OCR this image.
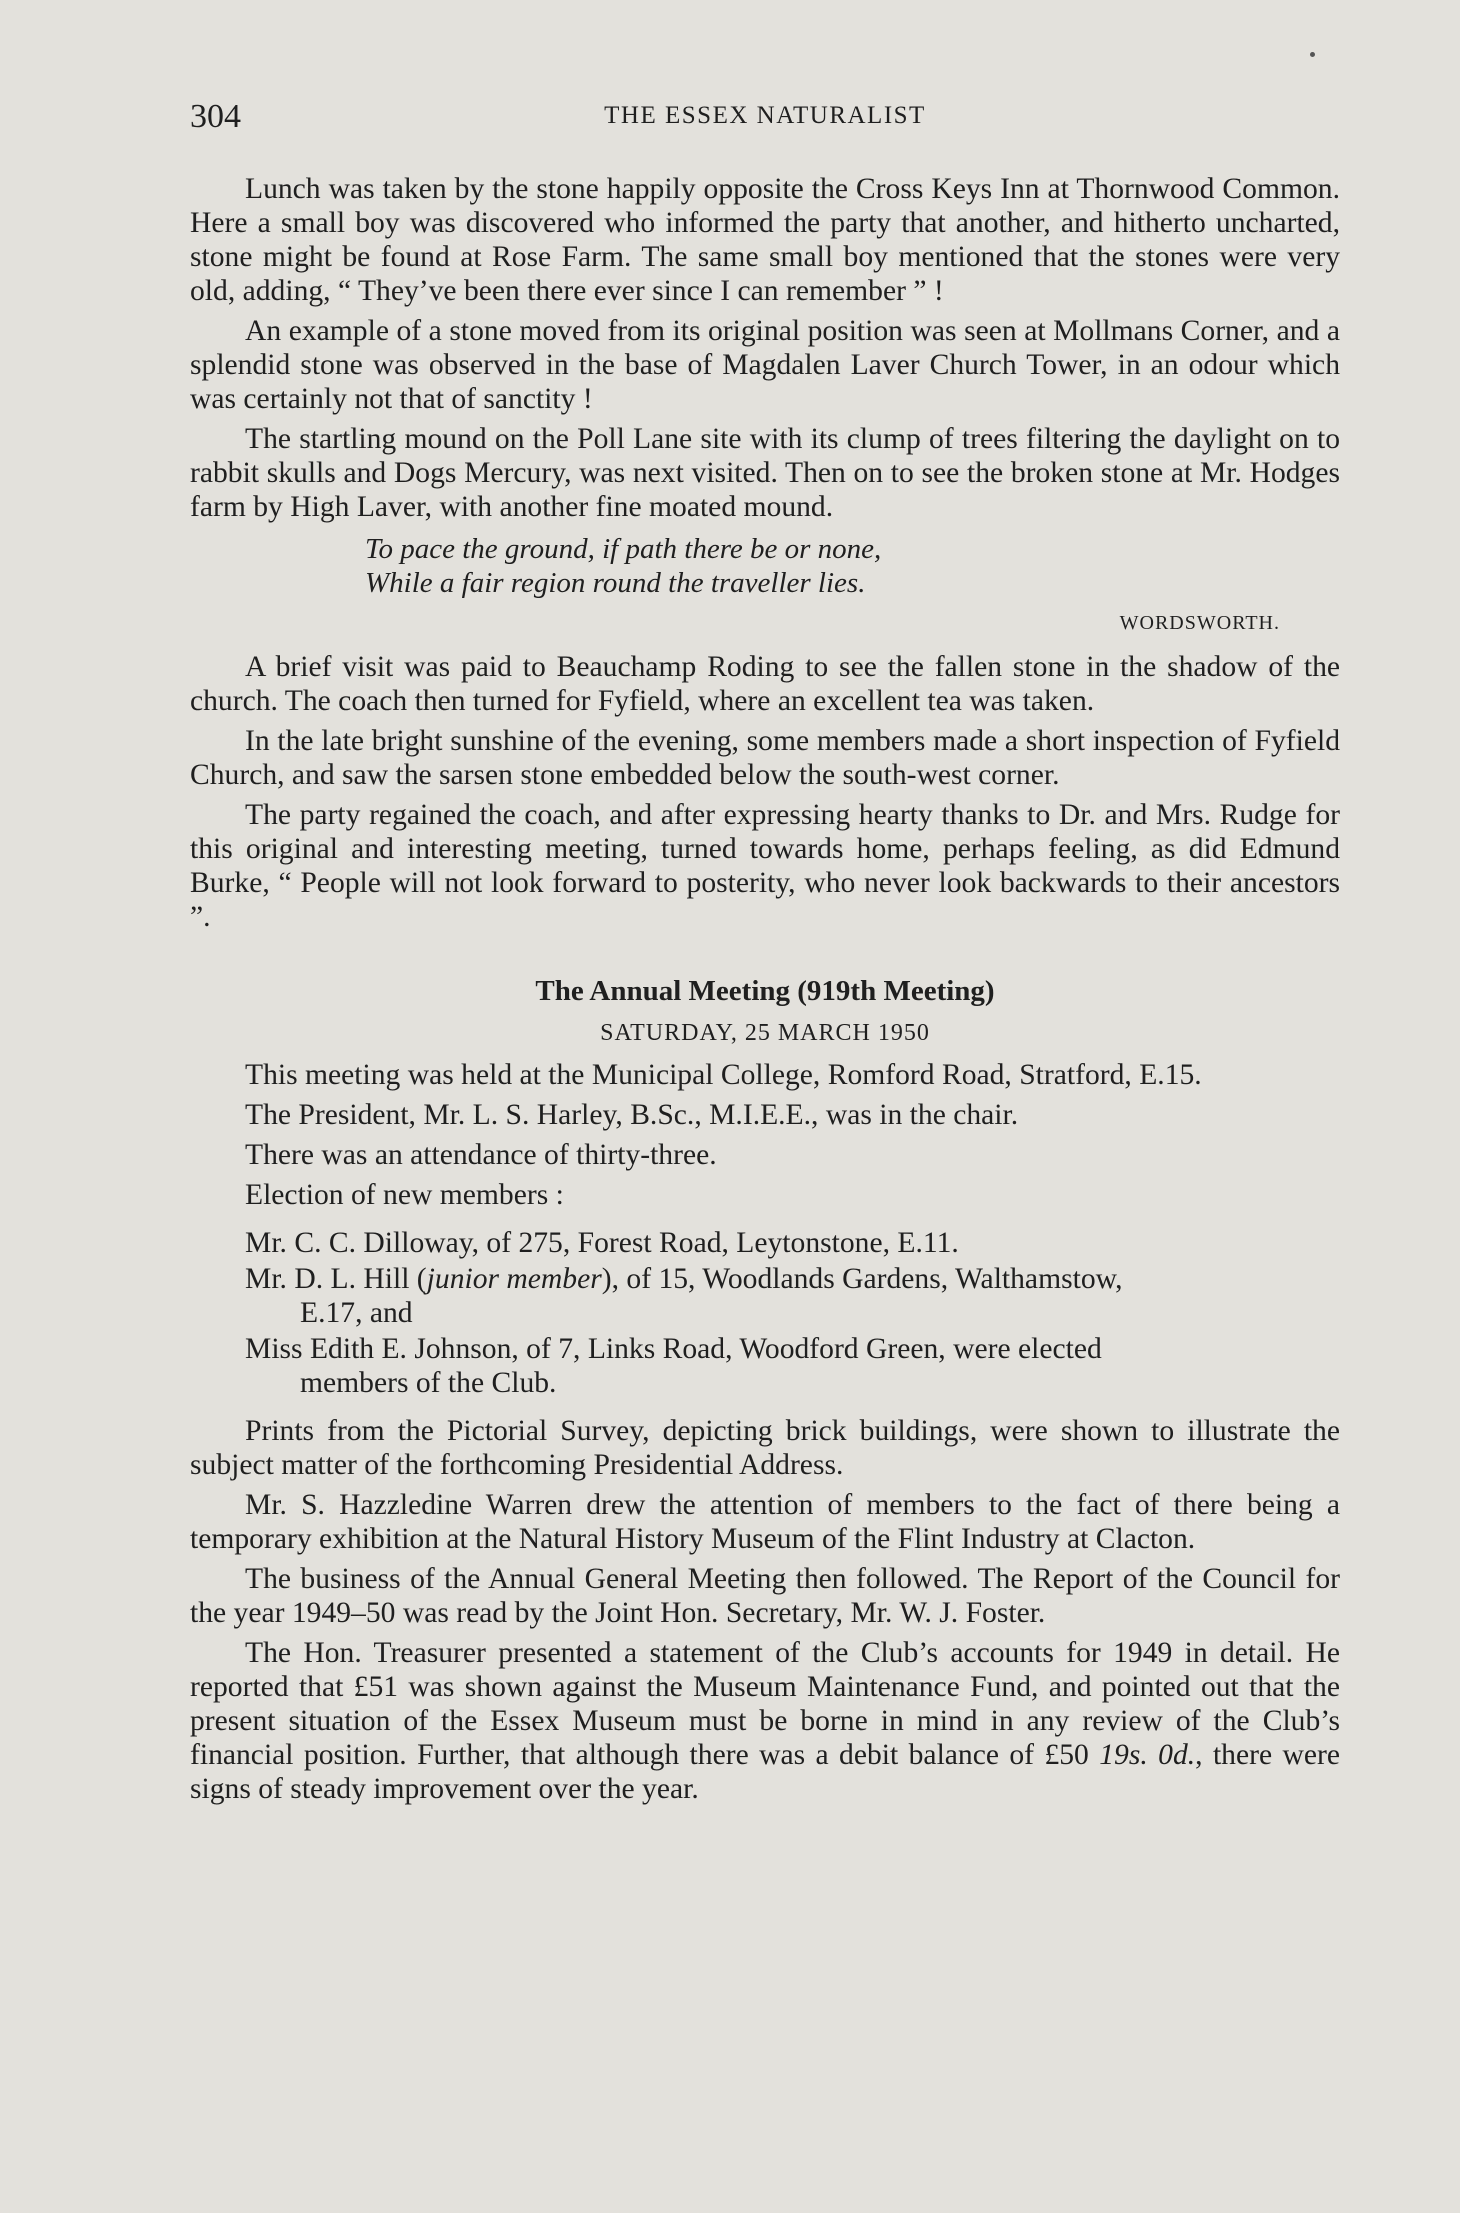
304	THE ESSEX NATURALIST

Lunch was taken by the stone happily opposite the Cross Keys Inn at Thornwood Common. Here a small boy was discovered who informed the party that another, and hitherto uncharted, stone might be found at Rose Farm. The same small boy mentioned that the stones were very old, adding, “ They’ve been there ever since I can remember ” !

An example of a stone moved from its original position was seen at Mollmans Corner, and a splendid stone was observed in the base of Magdalen Laver Church Tower, in an odour which was certainly not that of sanctity !

The startling mound on the Poll Lane site with its clump of trees filtering the daylight on to rabbit skulls and Dogs Mercury, was next visited. Then on to see the broken stone at Mr. Hodges farm by High Laver, with another fine moated mound.

To pace the ground, if path there be or none,
While a fair region round the traveller lies.
WORDSWORTH.

A brief visit was paid to Beauchamp Roding to see the fallen stone in the shadow of the church. The coach then turned for Fyfield, where an excellent tea was taken.

In the late bright sunshine of the evening, some members made a short inspection of Fyfield Church, and saw the sarsen stone embedded below the south-west corner.

The party regained the coach, and after expressing hearty thanks to Dr. and Mrs. Rudge for this original and interesting meeting, turned towards home, perhaps feeling, as did Edmund Burke, “ People will not look forward to posterity, who never look backwards to their ancestors ”.

The Annual Meeting (919th Meeting)
SATURDAY, 25 MARCH 1950

This meeting was held at the Municipal College, Romford Road, Stratford, E.15.

The President, Mr. L. S. Harley, B.Sc., M.I.E.E., was in the chair.

There was an attendance of thirty-three.

Election of new members :

Mr. C. C. Dilloway, of 275, Forest Road, Leytonstone, E.11.
Mr. D. L. Hill (junior member), of 15, Woodlands Gardens, Walthamstow,
E.17, and
Miss Edith E. Johnson, of 7, Links Road, Woodford Green, were elected
members of the Club.

Prints from the Pictorial Survey, depicting brick buildings, were shown to illustrate the subject matter of the forthcoming Presidential Address.

Mr. S. Hazzledine Warren drew the attention of members to the fact of there being a temporary exhibition at the Natural History Museum of the Flint Industry at Clacton.

The business of the Annual General Meeting then followed. The Report of the Council for the year 1949–50 was read by the Joint Hon. Secretary, Mr. W. J. Foster.

The Hon. Treasurer presented a statement of the Club’s accounts for 1949 in detail. He reported that £51 was shown against the Museum Maintenance Fund, and pointed out that the present situation of the Essex Museum must be borne in mind in any review of the Club’s financial position. Further, that although there was a debit balance of £50 19s. 0d., there were signs of steady improvement over the year.
